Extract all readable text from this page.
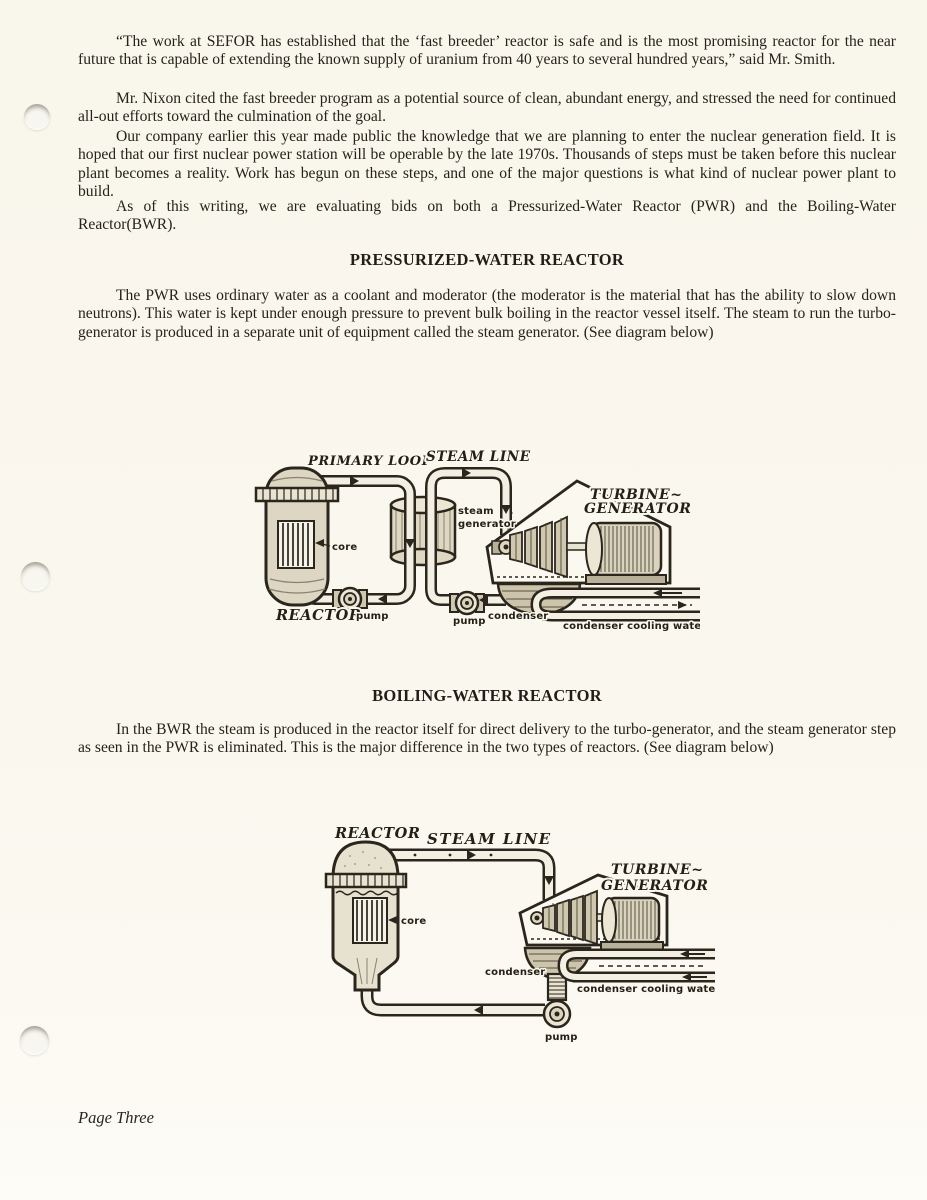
“The work at SEFOR has established that the ‘fast breeder’ reactor is safe and is the most promising reactor for the near future that is capable of extending the known supply of uranium from 40 years to several hundred years,” said Mr. Smith.

Mr. Nixon cited the fast breeder program as a potential source of clean, abundant energy, and stressed the need for continued all-out efforts toward the culmination of the goal.

Our company earlier this year made public the knowledge that we are planning to enter the nuclear generation field. It is hoped that our first nuclear power station will be operable by the late 1970s. Thousands of steps must be taken before this nuclear plant becomes a reality. Work has begun on these steps, and one of the major questions is what kind of nuclear power plant to build.

As of this writing, we are evaluating bids on both a Pressurized-Water Reactor (PWR) and the Boiling-Water Reactor(BWR).

PRESSURIZED-WATER REACTOR

The PWR uses ordinary water as a coolant and moderator (the moderator is the material that has the ability to slow down neutrons). This water is kept under enough pressure to prevent bulk boiling in the reactor vessel itself. The steam to run the turbo-generator is produced in a separate unit of equipment called the steam generator. (See diagram below)

PRIMARY LOOP
STEAM LINE
TURBINE~
GENERATOR
steam
generator
core
REACTOR
pump	pump condenser
condenser cooling water
BOILING-WATER REACTOR

In the BWR the steam is produced in the reactor itself for direct delivery to the turbo-generator, and the steam generator step as seen in the PWR is eliminated. This is the major difference in the two types of reactors. (See diagram below)

REACTOR STEAM LINE
TURBINE~
GENERATOR
core
condenser
condenser cooling water
pump
Page Three
